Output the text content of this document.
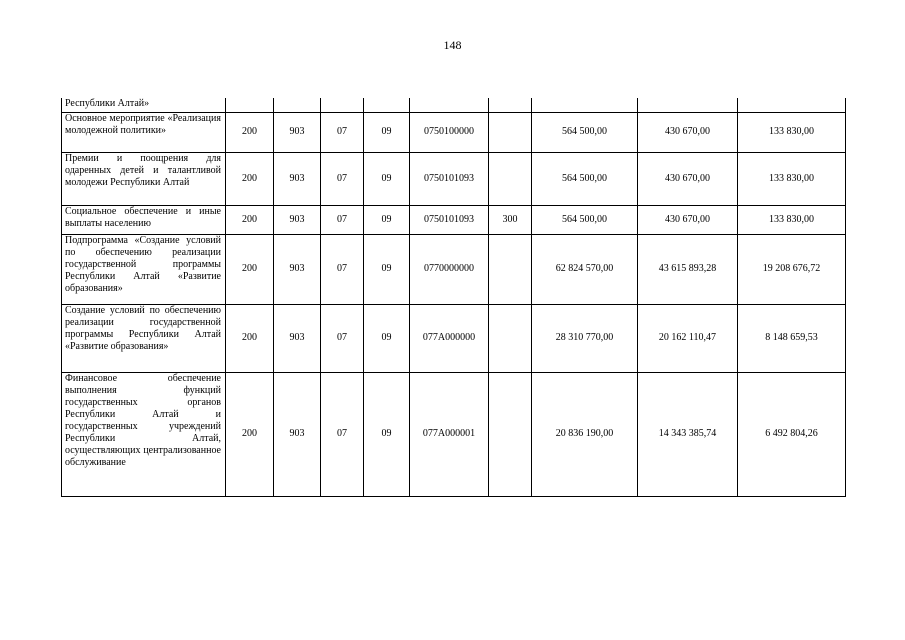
148
Республики Алтай»									
Основное мероприятие «Реализация молодежной политики»	200	903	07	09	0750100000		564 500,00	430 670,00	133 830,00
Премии и поощрения для одаренных детей и талантливой молодежи Республики Алтай	200	903	07	09	0750101093		564 500,00	430 670,00	133 830,00
Социальное обеспечение и иные выплаты населению	200	903	07	09	0750101093	300	564 500,00	430 670,00	133 830,00
Подпрограмма «Создание условий по обеспечению реализации государственной программы Республики Алтай «Развитие образования»	200	903	07	09	0770000000		62 824 570,00	43 615 893,28	19 208 676,72
Создание условий по обеспечению реализации государственной программы Республики Алтай «Развитие образования»	200	903	07	09	077А000000		28 310 770,00	20 162 110,47	8 148 659,53
Финансовое обеспечение выполнения функций государственных органов Республики Алтай и государственных учреждений Республики Алтай, осуществляющих централизованное обслуживание	200	903	07	09	077А000001		20 836 190,00	14 343 385,74	6 492 804,26
